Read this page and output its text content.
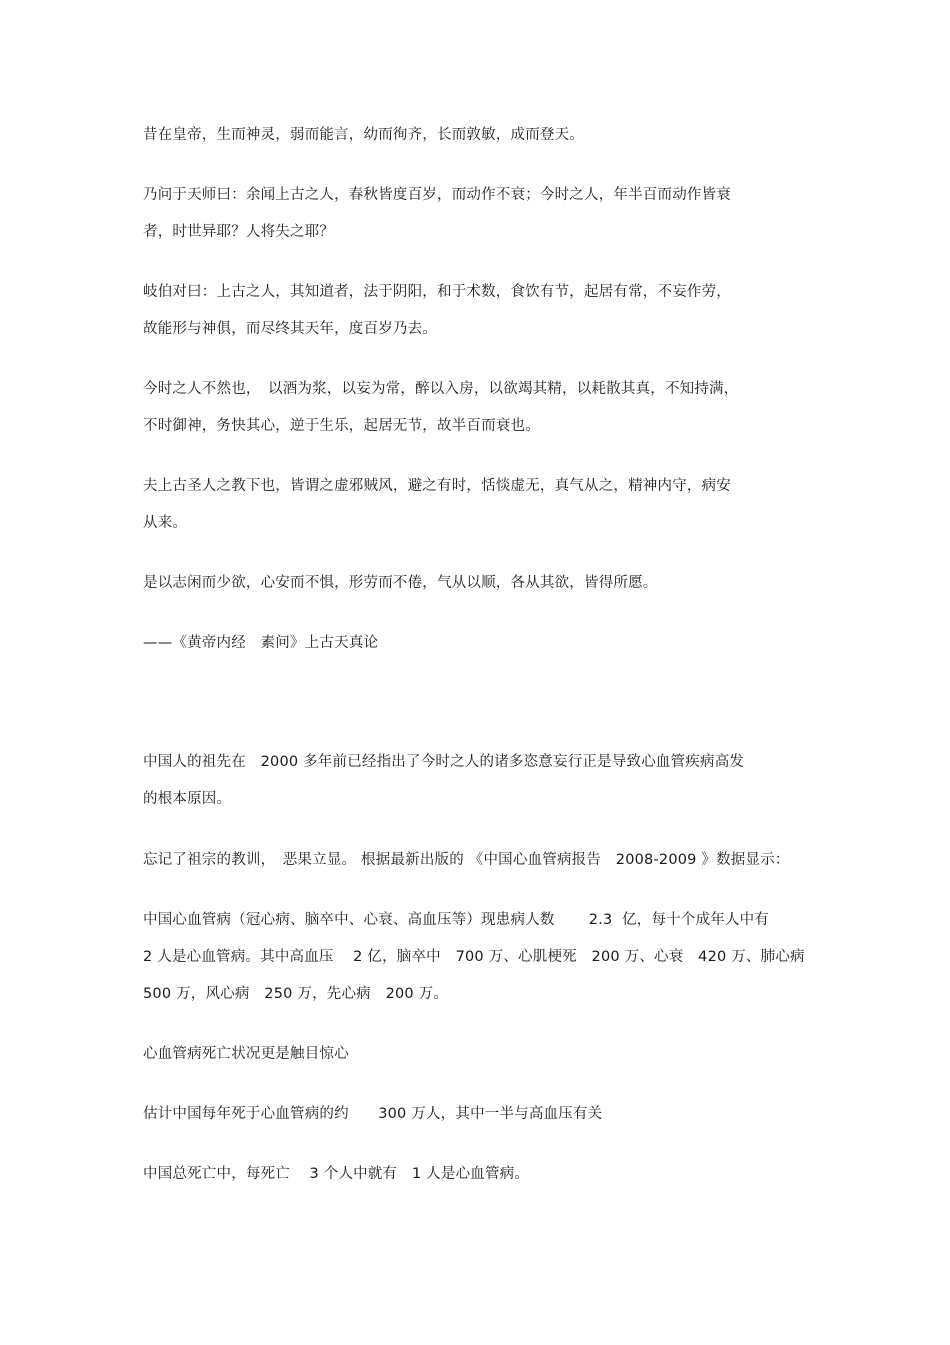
昔在皇帝，生而神灵，弱而能言，幼而徇齐，长而敦敏，成而登天。
乃问于天师曰：余闻上古之人，春秋皆度百岁，而动作不衰；今时之人，年半百而动作皆衰
者，时世异耶？人将失之耶？
岐伯对曰：上古之人，其知道者，法于阴阳，和于术数，食饮有节，起居有常，不妄作劳，
故能形与神俱，而尽终其天年，度百岁乃去。
今时之人不然也，　以酒为浆，以妄为常，醉以入房，以欲竭其精，以耗散其真，不知持满，
不时御神，务快其心，逆于生乐，起居无节，故半百而衰也。
夫上古圣人之教下也，皆谓之虚邪贼风，避之有时，恬惔虚无，真气从之，精神内守，病安
从来。
是以志闲而少欲，心安而不惧，形劳而不倦，气从以顺，各从其欲，皆得所愿。
——《黄帝内经　素问》上古天真论
中国人的祖先在　2000 多年前已经指出了今时之人的诸多恣意妄行正是导致心血管疾病高发
的根本原因。
忘记了祖宗的教训，　恶果立显。 根据最新出版的 《中国心血管病报告　2008-2009 》数据显示：
中国心血管病（冠心病、脑卒中、心衰、高血压等）现患病人数　　 2.3  亿，每十个成年人中有
2 人是心血管病。其中高血压　 2 亿，脑卒中　700 万、心肌梗死　200 万、心衰　420 万、肺心病
500 万，风心病　250 万，先心病　200 万。
心血管病死亡状况更是触目惊心
估计中国每年死于心血管病的约　　300 万人，其中一半与高血压有关
中国总死亡中，每死亡　 3 个人中就有　1 人是心血管病。
